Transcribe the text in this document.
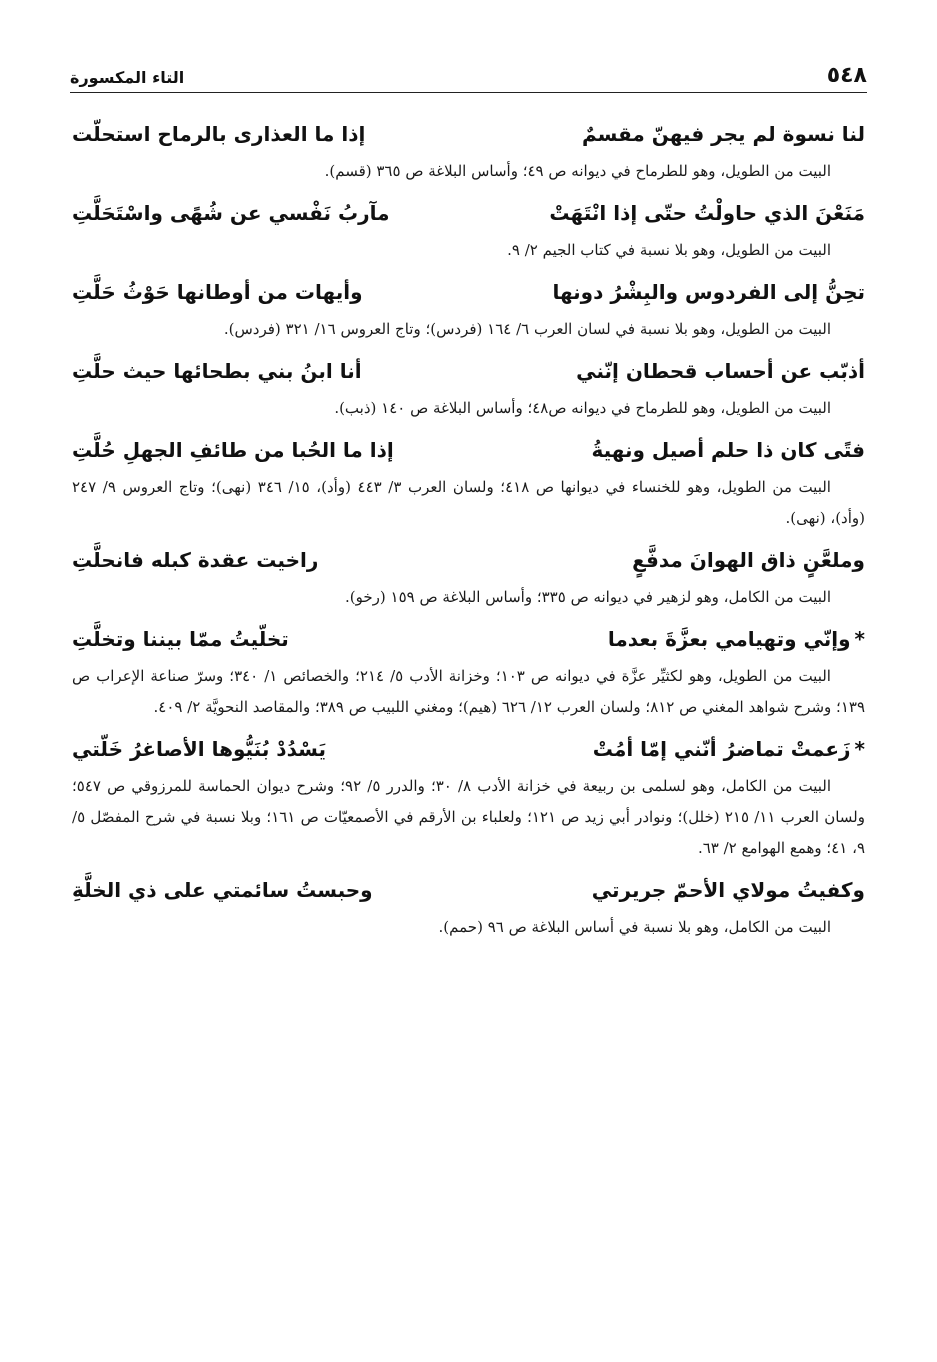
٥٤٨
التاء المكسورة
لنا نسوة لم يجر فيهنّ مقسمٌ
إذا ما العذارى بالرماح استحلّت

البيت من الطويل، وهو للطرماح في ديوانه ص ٤٩؛ وأساس البلاغة ص ٣٦٥ (قسم).

مَنَعْنَ الذي حاولْتُ حتّى إذا انْتَهَتْ
مآربُ نَفْسي عن شُهًى واسْتَحَلَّتِ

البيت من الطويل، وهو بلا نسبة في كتاب الجيم ٢/ ٩.

تحِنُّ إلى الفردوس والبِشْرُ دونها
وأيهات من أوطانها حَوْثُ حَلَّتِ

البيت من الطويل، وهو بلا نسبة في لسان العرب ٦/ ١٦٤ (فردس)؛ وتاج العروس ١٦/ ٣٢١ (فردس).

أذبّب عن أحساب قحطان إنّني
أنا ابنُ بني بطحائها حيث حلَّتِ

البيت من الطويل، وهو للطرماح في ديوانه ص٤٨؛ وأساس البلاغة ص ١٤٠ (ذبب).

فتًى كان ذا حلم أصيل ونهيةُ
إذا ما الحُبا من طائفِ الجهلِ حُلَّتِ

البيت من الطويل، وهو للخنساء في ديوانها ص ٤١٨؛ ولسان العرب ٣/ ٤٤٣ (وأد)، ١٥/ ٣٤٦ (نهى)؛ وتاج العروس ٩/ ٢٤٧ (وأد)، (نهى).

وملعَّنٍ ذاق الهوانَ مدفَّعٍ
راخيت عقدة كبله فانحلَّتِ

البيت من الكامل، وهو لزهير في ديوانه ص ٣٣٥؛ وأساس البلاغة ص ١٥٩ (رخو).

*وإنّي وتهيامي بعزَّةَ بعدما
تخلّيتُ ممّا بيننا وتخلَّتِ

البيت من الطويل، وهو لكثيِّر عزَّة في ديوانه ص ١٠٣؛ وخزانة الأدب ٥/ ٢١٤؛ والخصائص ١/ ٣٤٠؛ وسرّ صناعة الإعراب ص ١٣٩؛ وشرح شواهد المغني ص ٨١٢؛ ولسان العرب ١٢/ ٦٢٦ (هيم)؛ ومغني اللبيب ص ٣٨٩؛ والمقاصد النحويَّة ٢/ ٤٠٩.

*زَعمتْ تماضرُ أنّني إمّا أمُتْ
يَسْدُدْ بُنَيُّوها الأصاغرُ خَلّتي

البيت من الكامل، وهو لسلمى بن ربيعة في خزانة الأدب ٨/ ٣٠؛ والدرر ٥/ ٩٢؛ وشرح ديوان الحماسة للمرزوقي ص ٥٤٧؛ ولسان العرب ١١/ ٢١٥ (خلل)؛ ونوادر أبي زيد ص ١٢١؛ ولعلباء بن الأرقم في الأصمعيّات ص ١٦١؛ وبلا نسبة في شرح المفصّل ٥/ ٩، ٤١؛ وهمع الهوامع ٢/ ٦٣.

وكفيتُ مولاي الأحمّ جريرتي
وحبستُ سائمتي على ذي الخلَّةِ

البيت من الكامل، وهو بلا نسبة في أساس البلاغة ص ٩٦ (حمم).
